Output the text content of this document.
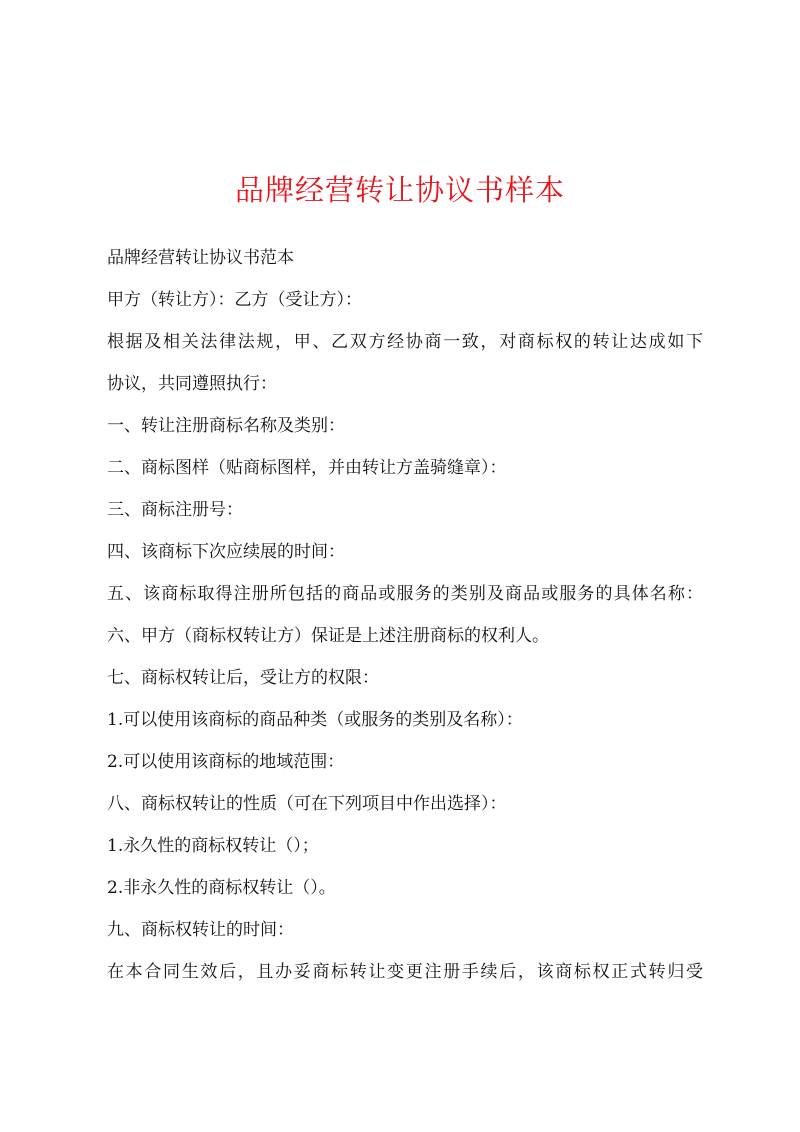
品牌经营转让协议书样本
品牌经营转让协议书范本
甲方（转让方）：乙方（受让方）：
根据及相关法律法规，甲、乙双方经协商一致，对商标权的转让达成如下
协议，共同遵照执行：
一、转让注册商标名称及类别：
二、商标图样（贴商标图样，并由转让方盖骑缝章）：
三、商标注册号：
四、该商标下次应续展的时间：
五、该商标取得注册所包括的商品或服务的类别及商品或服务的具体名称：
六、甲方（商标权转让方）保证是上述注册商标的权利人。
七、商标权转让后，受让方的权限：
1.可以使用该商标的商品种类（或服务的类别及名称）：
2.可以使用该商标的地域范围：
八、商标权转让的性质（可在下列项目中作出选择）：
1.永久性的商标权转让（）；
2.非永久性的商标权转让（）。
九、商标权转让的时间：
在本合同生效后，且办妥商标转让变更注册手续后，该商标权正式转归受
